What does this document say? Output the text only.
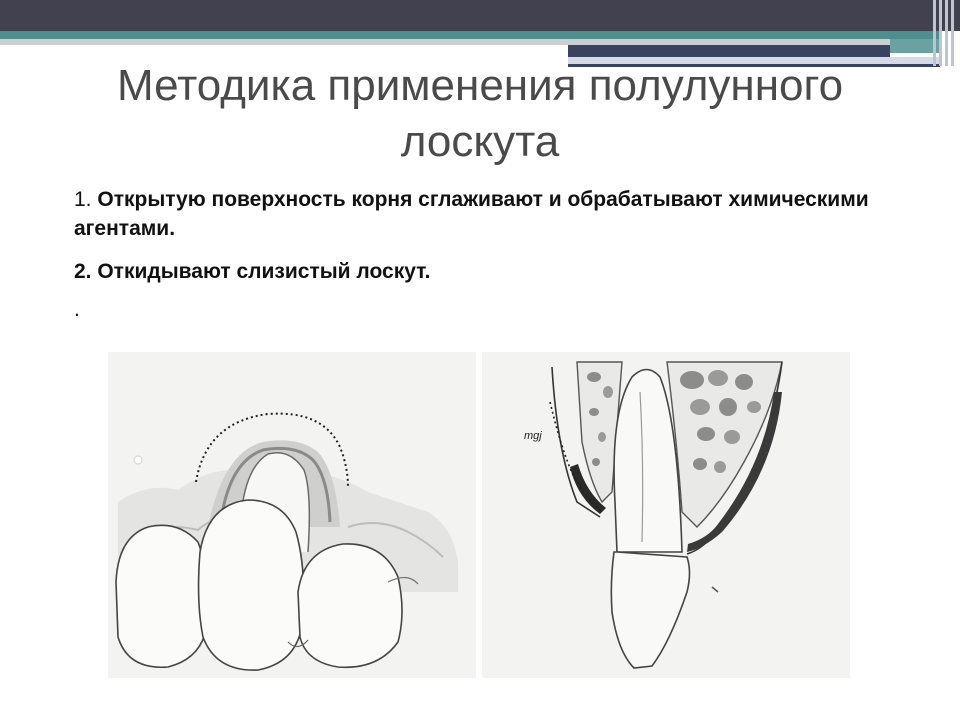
Методика применения полулунного лоскута

1. Открытую поверхность корня сглаживают и обрабатывают химическими агентами.

2. Откидывают слизистый лоскут.

.

mgj
